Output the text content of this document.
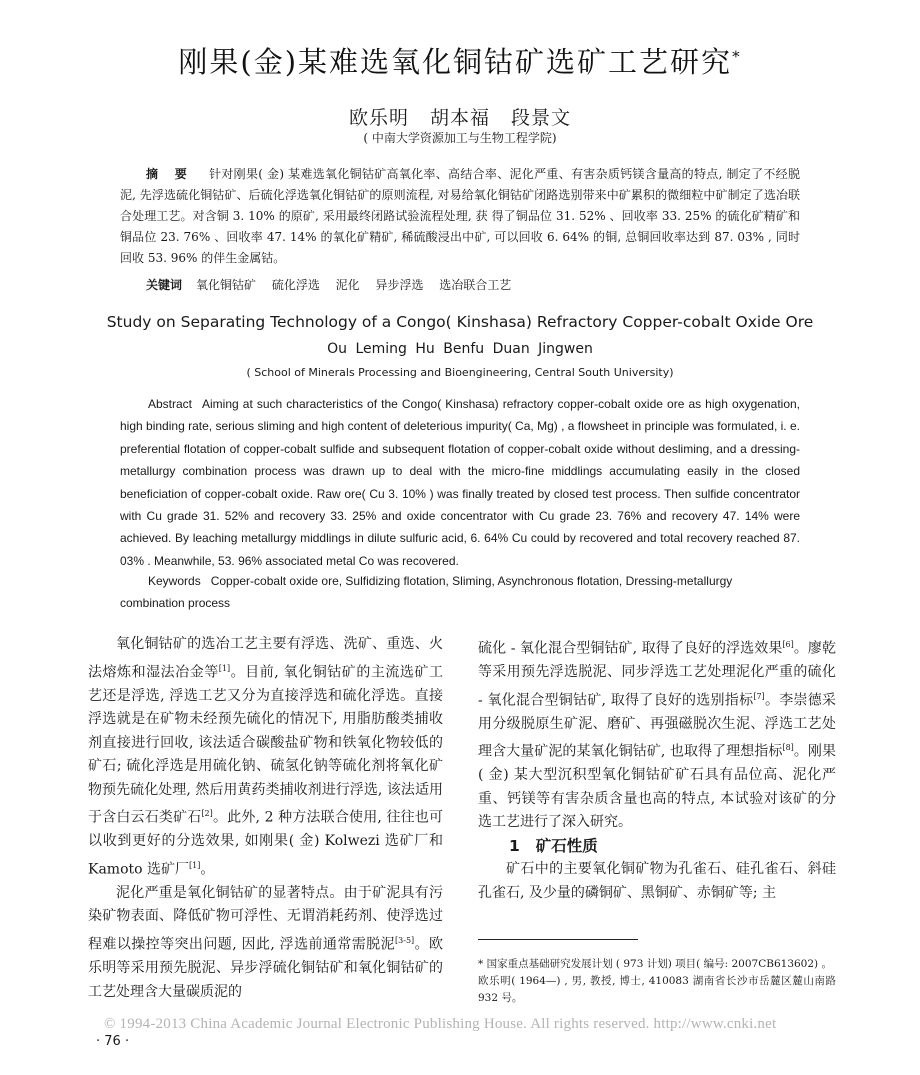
刚果(金)某难选氧化铜钴矿选矿工艺研究*
欧乐明 胡本福 段景文
( 中南大学资源加工与生物工程学院)
摘 要 针对刚果( 金) 某难选氧化铜钴矿高氧化率、高结合率、泥化严重、有害杂质钙镁含量高的特点, 制定了不经脱泥, 先浮选硫化铜钴矿、后硫化浮选氧化铜钴矿的原则流程, 对易给氧化铜钴矿闭路选别带来中矿累积的微细粒中矿制定了选冶联合处理工艺。对含铜 3. 10% 的原矿, 采用最终闭路试验流程处理, 获 得了铜品位 31. 52% 、回收率 33. 25% 的硫化矿精矿和铜品位 23. 76% 、回收率 47. 14% 的氧化矿精矿, 稀硫酸浸出中矿, 可以回收 6. 64% 的铜, 总铜回收率达到 87. 03% , 同时回收 53. 96% 的伴生金属钴。
关键词 氧化铜钴矿 硫化浮选 泥化 异步浮选 选冶联合工艺
Study on Separating Technology of a Congo( Kinshasa) Refractory Copper-cobalt Oxide Ore
Ou Leming Hu Benfu Duan Jingwen
( School of Minerals Processing and Bioengineering, Central South University)
Abstract Aiming at such characteristics of the Congo( Kinshasa) refractory copper-cobalt oxide ore as high oxygenation, high binding rate, serious sliming and high content of deleterious impurity( Ca, Mg) , a flowsheet in principle was formulated, i. e. preferential flotation of copper-cobalt sulfide and subsequent flotation of copper-cobalt oxide without desliming, and a dressing-metallurgy combination process was drawn up to deal with the micro-fine middlings accumulating easily in the closed beneficiation of copper-cobalt oxide. Raw ore( Cu 3. 10% ) was finally treated by closed test process. Then sulfide concentrator with Cu grade 31. 52% and recovery 33. 25% and oxide concentrator with Cu grade 23. 76% and recovery 47. 14% were achieved. By leaching metallurgy middlings in dilute sulfuric acid, 6. 64% Cu could by recovered and total recovery reached 87. 03% . Meanwhile, 53. 96% associated metal Co was recovered.
Keywords Copper-cobalt oxide ore, Sulfidizing flotation, Sliming, Asynchronous flotation, Dressing-metallurgy combination process

氧化铜钴矿的选冶工艺主要有浮选、洗矿、重选、火法熔炼和湿法冶金等[1]。目前, 氧化铜钴矿的主流选矿工艺还是浮选, 浮选工艺又分为直接浮选和硫化浮选。直接浮选就是在矿物未经预先硫化的情况下, 用脂肪酸类捕收剂直接进行回收, 该法适合碳酸盐矿物和铁氧化物较低的矿石; 硫化浮选是用硫化钠、硫氢化钠等硫化剂将氧化矿物预先硫化处理, 然后用黄药类捕收剂进行浮选, 该法适用于含白云石类矿石[2]。此外, 2 种方法联合使用, 往往也可以收到更好的分选效果, 如刚果( 金) Kolwezi 选矿厂和 Kamoto 选矿厂[1]。

泥化严重是氧化铜钴矿的显著特点。由于矿泥具有污染矿物表面、降低矿物可浮性、无谓消耗药剂、使浮选过程难以操控等突出问题, 因此, 浮选前通常需脱泥[3-5]。欧乐明等采用预先脱泥、异步浮硫化铜钴矿和氧化铜钴矿的工艺处理含大量碳质泥的

硫化 - 氧化混合型铜钴矿, 取得了良好的浮选效果[6]。廖乾等采用预先浮选脱泥、同步浮选工艺处理泥化严重的硫化 - 氧化混合型铜钴矿, 取得了良好的选别指标[7]。李崇德采用分级脱原生矿泥、磨矿、再强磁脱次生泥、浮选工艺处理含大量矿泥的某氧化铜钴矿, 也取得了理想指标[8]。刚果( 金) 某大型沉积型氧化铜钴矿矿石具有品位高、泥化严重、钙镁等有害杂质含量也高的特点, 本试验对该矿的分选工艺进行了深入研究。

1 矿石性质

矿石中的主要氧化铜矿物为孔雀石、硅孔雀石、斜硅孔雀石, 及少量的磷铜矿、黑铜矿、赤铜矿等; 主

* 国家重点基础研究发展计划 ( 973 计划) 项目( 编号: 2007CB613602) 。

欧乐明( 1964—) , 男, 教授, 博士, 410083 湖南省长沙市岳麓区麓山南路932 号。

© 1994-2013 China Academic Journal Electronic Publishing House. All rights reserved. http://www.cnki.net
· 76 ·
